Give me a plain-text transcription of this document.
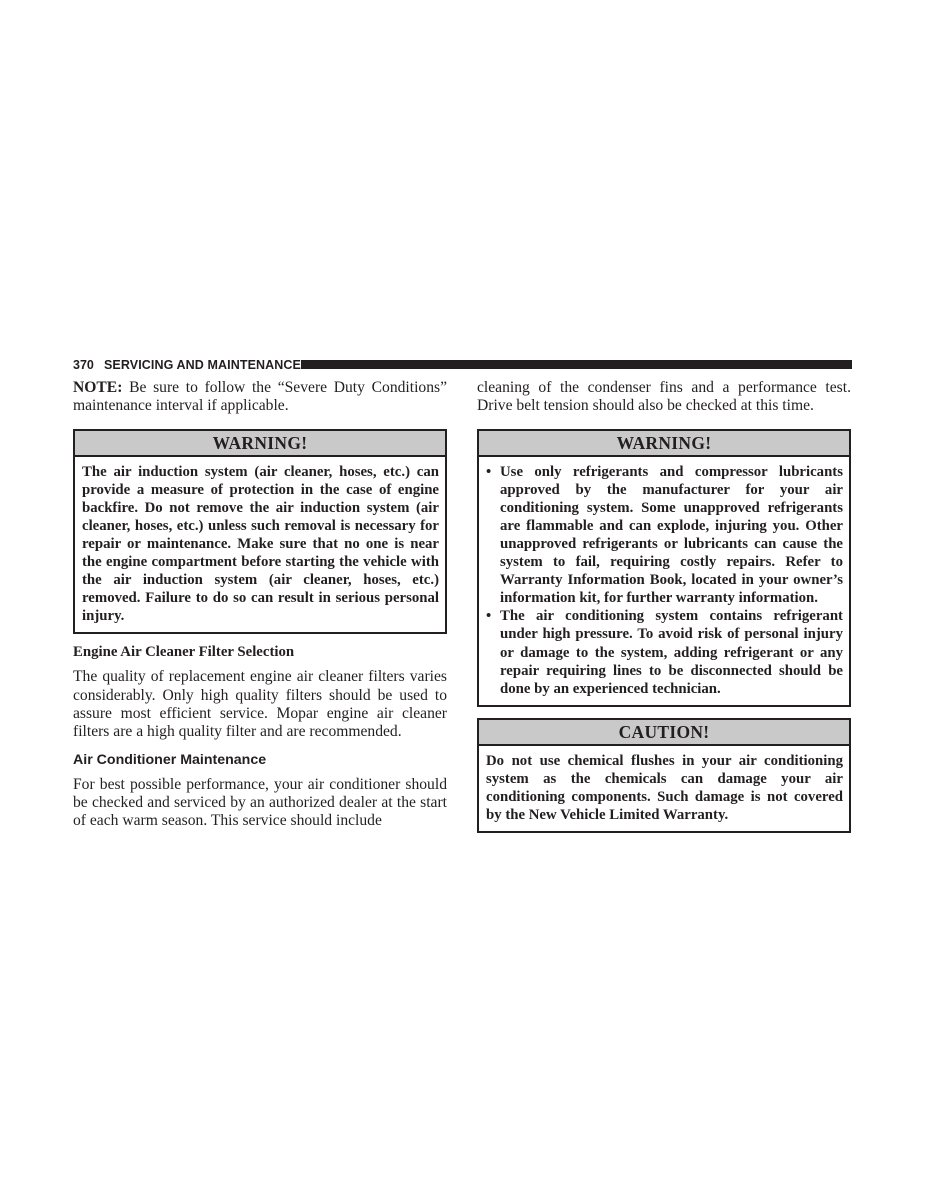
370 SERVICING AND MAINTENANCE

NOTE: Be sure to follow the “Severe Duty Conditions” maintenance interval if applicable.

WARNING!
The air induction system (air cleaner, hoses, etc.) can provide a measure of protection in the case of engine backfire. Do not remove the air induction system (air cleaner, hoses, etc.) unless such removal is necessary for repair or maintenance. Make sure that no one is near the engine compartment before starting the vehicle with the air induction system (air cleaner, hoses, etc.) removed. Failure to do so can result in serious personal injury.

Engine Air Cleaner Filter Selection

The quality of replacement engine air cleaner filters varies considerably. Only high quality filters should be used to assure most efficient service. Mopar engine air cleaner filters are a high quality filter and are recommended.

Air Conditioner Maintenance

For best possible performance, your air conditioner should be checked and serviced by an authorized dealer at the start of each warm season. This service should include

cleaning of the condenser fins and a performance test. Drive belt tension should also be checked at this time.

WARNING!
• Use only refrigerants and compressor lubricants approved by the manufacturer for your air conditioning system. Some unapproved refrigerants are flammable and can explode, injuring you. Other unapproved refrigerants or lubricants can cause the system to fail, requiring costly repairs. Refer to Warranty Information Book, located in your owner’s information kit, for further warranty information.
• The air conditioning system contains refrigerant under high pressure. To avoid risk of personal injury or damage to the system, adding refrigerant or any repair requiring lines to be disconnected should be done by an experienced technician.
CAUTION!
Do not use chemical flushes in your air conditioning system as the chemicals can damage your air conditioning components. Such damage is not covered by the New Vehicle Limited Warranty.
